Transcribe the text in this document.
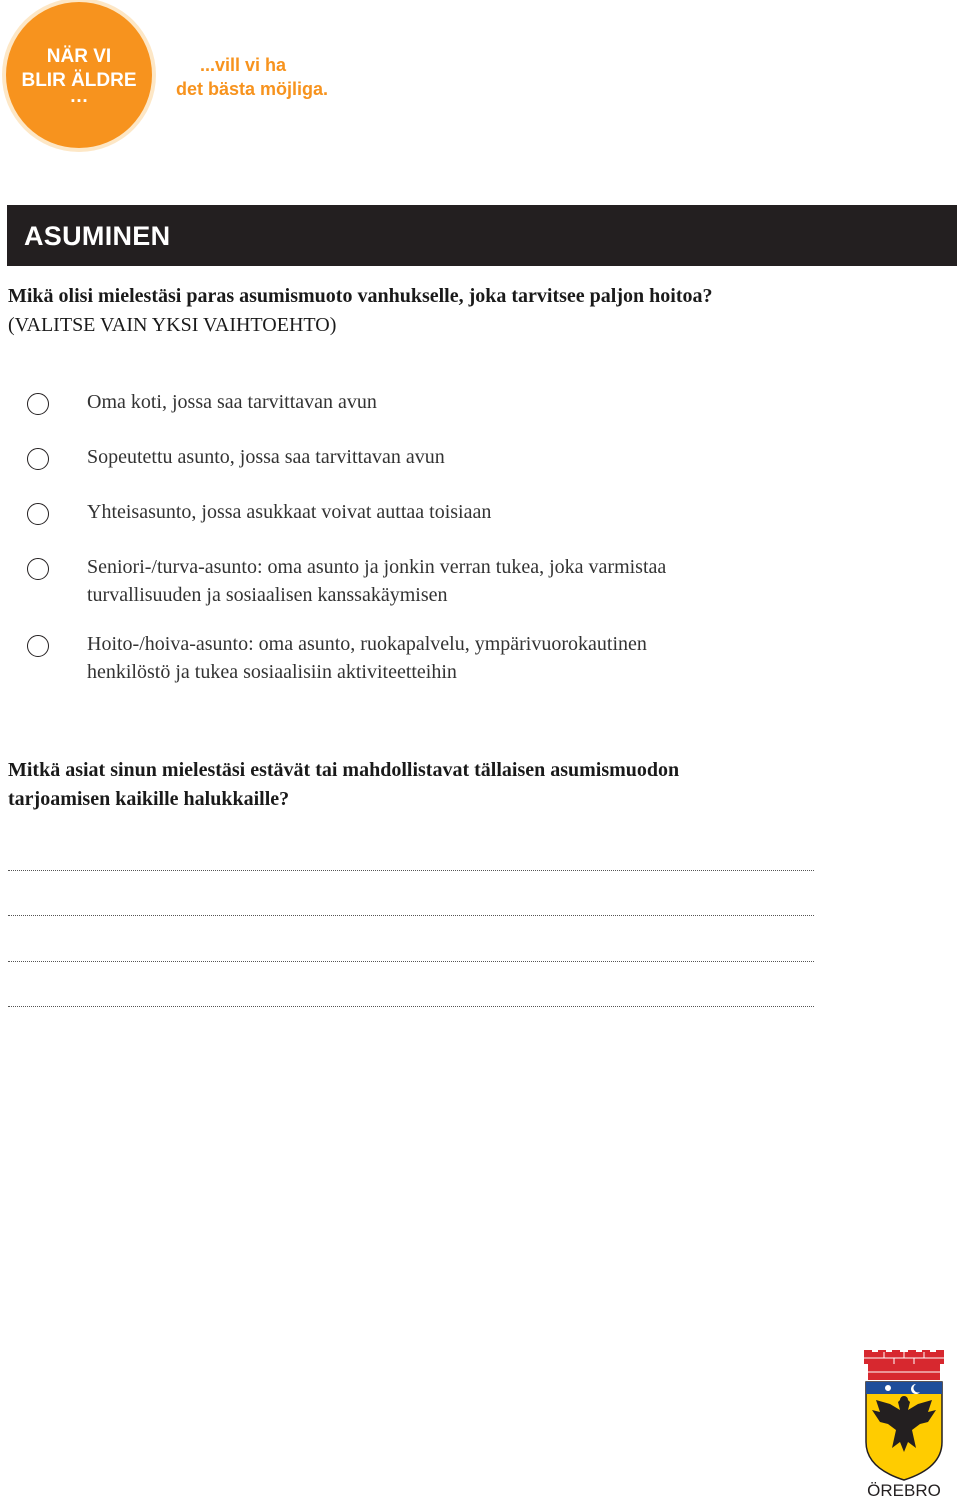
NÄR VI
BLIR ÄLDRE
…
...vill vi ha
det bästa möjliga.
ASUMINEN
Mikä olisi mielestäsi paras asumismuoto vanhukselle, joka tarvitsee paljon hoitoa?
(VALITSE VAIN YKSI VAIHTOEHTO)
Oma koti, jossa saa tarvittavan avun
Sopeutettu asunto, jossa saa tarvittavan avun
Yhteisasunto, jossa asukkaat voivat auttaa toisiaan
Seniori-/turva-asunto: oma asunto ja jonkin verran tukea, joka varmistaa
turvallisuuden ja sosiaalisen kanssakäymisen
Hoito-/hoiva-asunto: oma asunto, ruokapalvelu, ympärivuorokautinen
henkilöstö ja tukea sosiaalisiin aktiviteetteihin
Mitkä asiat sinun mielestäsi estävät tai mahdollistavat tällaisen asumismuodon
tarjoamisen kaikille halukkaille?
ÖREBRO
